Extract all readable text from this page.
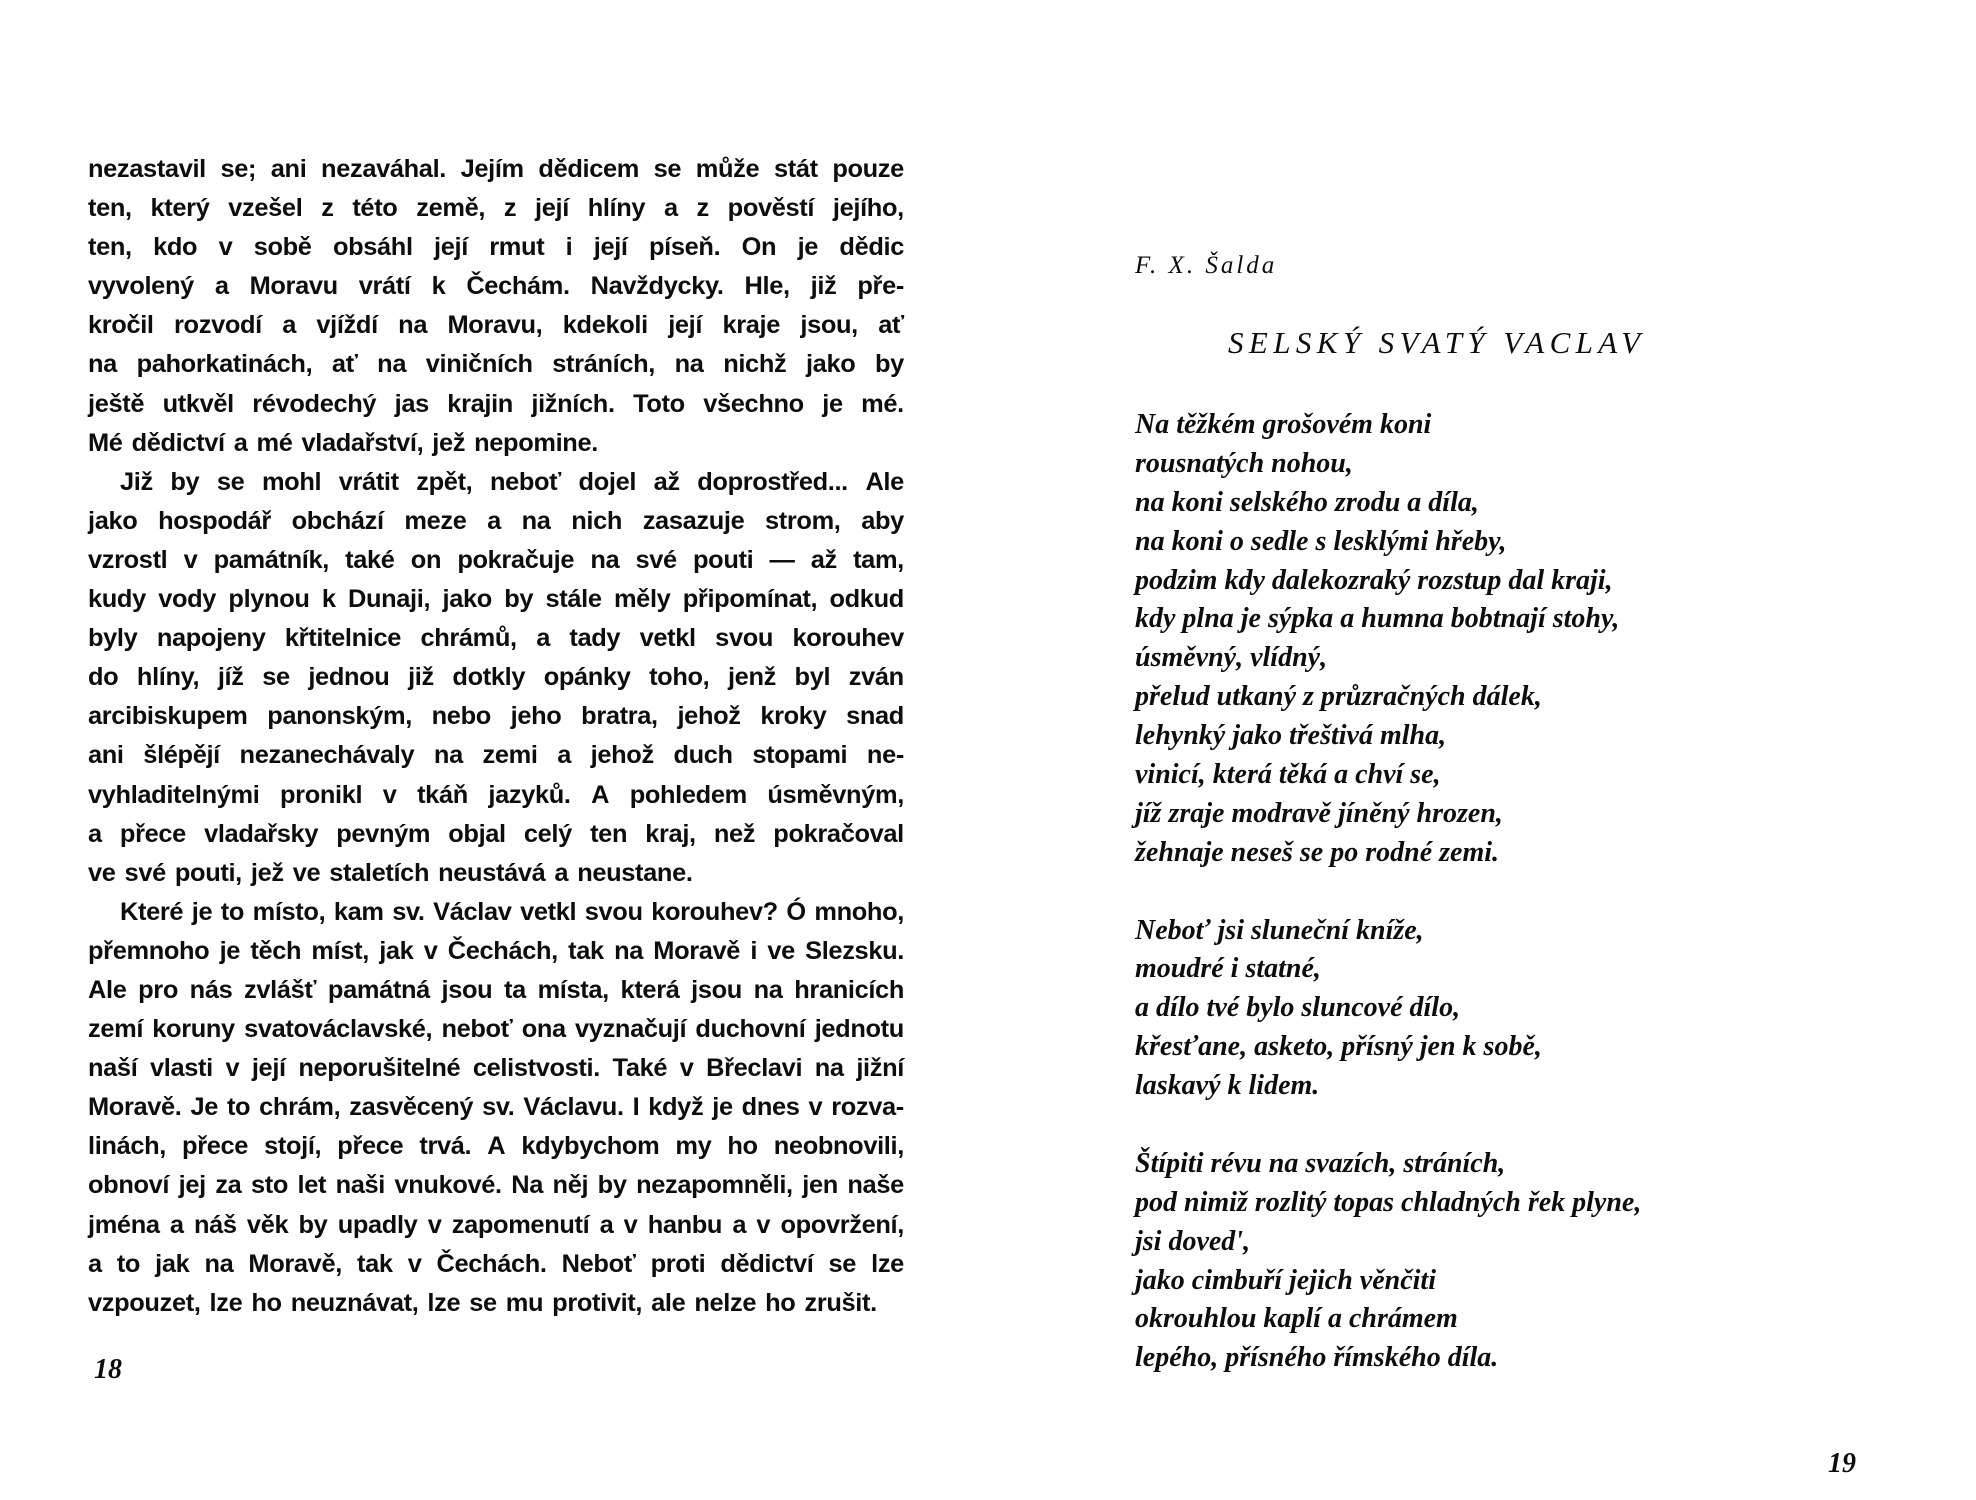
nezastavil se; ani nezaváhal. Jejím dědicem se může stát pouze
ten, který vzešel z této země, z její hlíny a z pověstí jejího,
ten, kdo v sobě obsáhl její rmut i její píseň. On je dědic
vyvolený a Moravu vrátí k Čechám. Navždycky. Hle, již pře-
kročil rozvodí a vjíždí na Moravu, kdekoli její kraje jsou, ať
na pahorkatinách, ať na viničních stráních, na nichž jako by
ještě utkvěl révodechý jas krajin jižních. Toto všechno je mé.
Mé dědictví a mé vladařství, jež nepomine.
Již by se mohl vrátit zpět, neboť dojel až doprostřed... Ale
jako hospodář obchází meze a na nich zasazuje strom, aby
vzrostl v památník, také on pokračuje na své pouti — až tam,
kudy vody plynou k Dunaji, jako by stále měly připomínat, odkud
byly napojeny křtitelnice chrámů, a tady vetkl svou korouhev
do hlíny, jíž se jednou již dotkly opánky toho, jenž byl zván
arcibiskupem panonským, nebo jeho bratra, jehož kroky snad
ani šlépějí nezanechávaly na zemi a jehož duch stopami ne-
vyhladitelnými pronikl v tkáň jazyků. A pohledem úsměvným,
a přece vladařsky pevným objal celý ten kraj, než pokračoval
ve své pouti, jež ve staletích neustává a neustane.
Které je to místo, kam sv. Václav vetkl svou korouhev? Ó mnoho,
přemnoho je těch míst, jak v Čechách, tak na Moravě i ve Slezsku.
Ale pro nás zvlášť památná jsou ta místa, která jsou na hranicích
zemí koruny svatováclavské, neboť ona vyznačují duchovní jednotu
naší vlasti v její neporušitelné celistvosti. Také v Břeclavi na jižní
Moravě. Je to chrám, zasvěcený sv. Václavu. I když je dnes v rozva-
linách, přece stojí, přece trvá. A kdybychom my ho neobnovili,
obnoví jej za sto let naši vnukové. Na něj by nezapomněli, jen naše
jména a náš věk by upadly v zapomenutí a v hanbu a v opovržení,
a to jak na Moravě, tak v Čechách. Neboť proti dědictví se lze
vzpouzet, lze ho neuznávat, lze se mu protivit, ale nelze ho zrušit.
18
F. X. Šalda
SELSKÝ SVATÝ VACLAV
Na těžkém grošovém koni
rousnatých nohou,
na koni selského zrodu a díla,
na koni o sedle s lesklými hřeby,
podzim kdy dalekozraký rozstup dal kraji,
kdy plna je sýpka a humna bobtnají stohy,
úsměvný, vlídný,
přelud utkaný z průzračných dálek,
lehynký jako třeštivá mlha,
vinicí, která těká a chví se,
jíž zraje modravě jíněný hrozen,
žehnaje neseš se po rodné zemi.
Neboť jsi sluneční kníže,
moudré i statné,
a dílo tvé bylo sluncové dílo,
křesťane, asketo, přísný jen k sobě,
laskavý k lidem.
Štípiti révu na svazích, stráních,
pod nimiž rozlitý topas chladných řek plyne,
jsi doved',
jako cimbuří jejich věnčiti
okrouhlou kaplí a chrámem
lepého, přísného římského díla.
19
